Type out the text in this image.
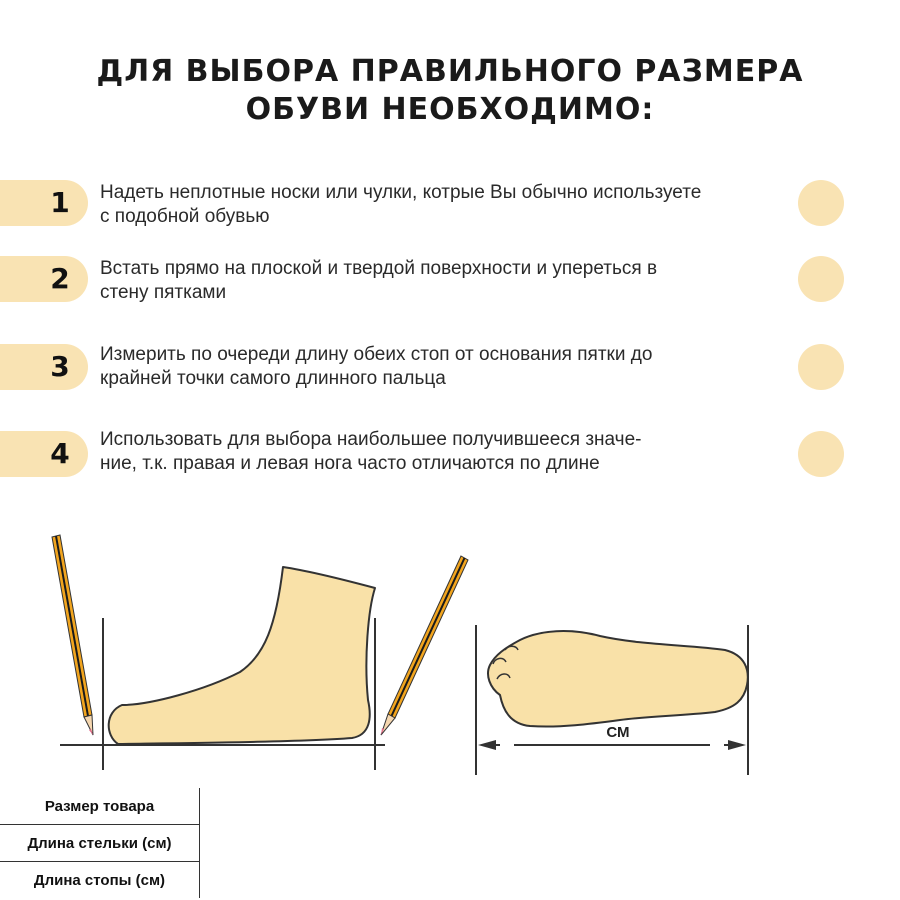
ДЛЯ ВЫБОРА ПРАВИЛЬНОГО РАЗМЕРА
ОБУВИ НЕОБХОДИМО:
1 Надеть неплотные носки или чулки, котрые Вы обычно используете
с подобной обувью
2 Встать прямо на плоской и твердой поверхности и упереться в
стену пятками
3 Измерить по очереди длину обеих стоп от основания пятки до
крайней точки самого длинного пальца
4 Использовать для выбора наибольшее получившееся значе-
ние, т.к. правая и левая нога часто отличаются по длине
СМ
Размер товара
Длина стельки (см)
Длина стопы (см)
